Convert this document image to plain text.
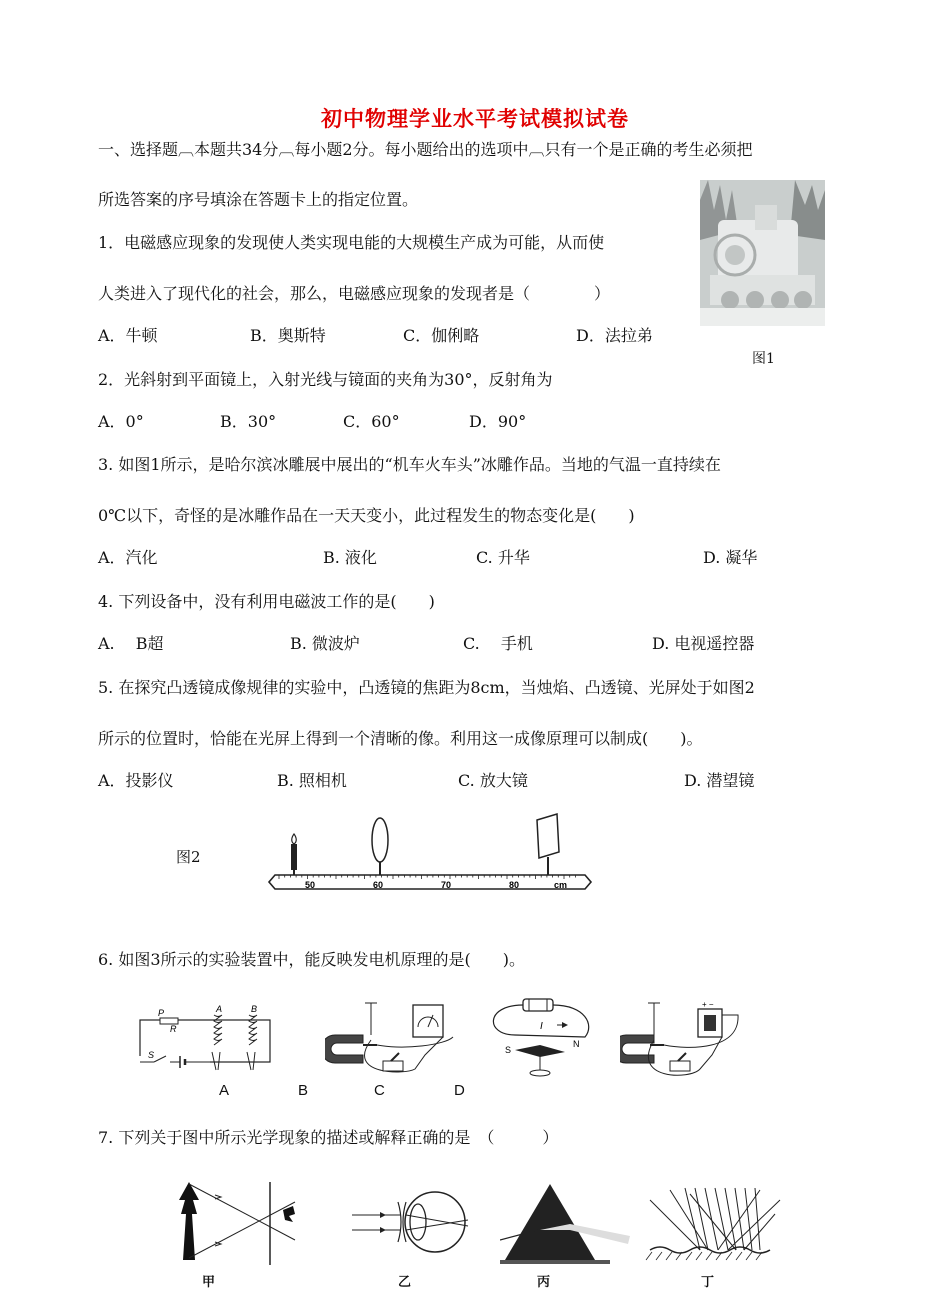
初中物理学业水平考试模拟试卷
一、选择题︹本题共34分︹每小题2分。每小题给出的选项中︹只有一个是正确的考生必须把
所选答案的序号填涂在答题卡上的指定位置。
图1
1．电磁感应现象的发现使人类实现电能的大规模生产成为可能，从而使
人类进入了现代化的社会，那么，电磁感应现象的发现者是（　　　　）
A．牛顿	B．奥斯特	C．伽俐略	D．法拉弟
2．光斜射到平面镜上，入射光线与镜面的夹角为30°，反射角为
A．0°	B．30°	C．60°	D．90°
3. 如图1所示，是哈尔滨冰雕展中展出的“机车火车头”冰雕作品。当地的气温一直持续在
0℃以下，奇怪的是冰雕作品在一天天变小，此过程发生的物态变化是(　　)
A．汽化	B. 液化	C. 升华	D. 凝华
4. 下列设备中，没有利用电磁波工作的是(　　)
A.　 B超	B. 微波炉	C.　 手机	D. 电视遥控器
5. 在探究凸透镜成像规律的实验中，凸透镜的焦距为8cm，当烛焰、凸透镜、光屏处于如图2
所示的位置时，恰能在光屏上得到一个清晰的像。利用这一成像原理可以制成(　　)。
A．投影仪	B. 照相机	C. 放大镜	D. 潜望镜
图2
50	60	70	80	cm
6. 如图3所示的实验装置中，能反映发电机原理的是(　　)。
P
R
A	B
S
I
S
N
+ −
A	B	C	D
7. 下列关于图中所示光学现象的描述或解释正确的是　（　　　）
甲	乙	丙	丁
